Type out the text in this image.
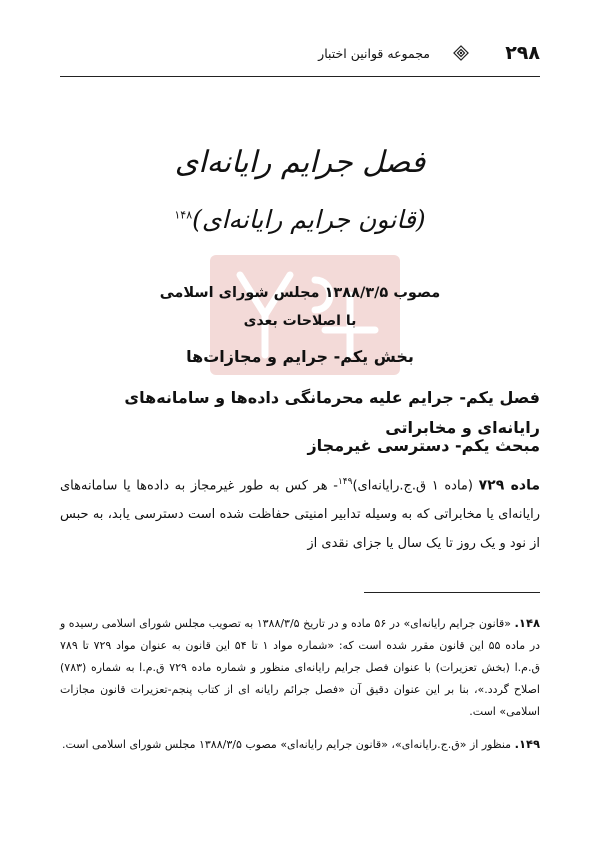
۲۹۸
مجموعه قوانین اختبار
فصل جرایم رایانه‌ای
(قانون جرایم رایانه‌ای)$^{۱۴۸}$
مصوب ۱۳۸۸/۳/۵ مجلس شورای اسلامی
با اصلاحات بعدی
بخش یکم- جرایم و مجازات‌ها
فصل یکم- جرایم علیه محرمانگی داده‌ها و سامانه‌های رایانه‌ای و مخابراتی
مبحث یکم- دسترسی غیرمجاز
ماده ۷۲۹ (ماده ۱ ق.ج.رایانه‌ای)$^{۱۴۹}$- هر کس به طور غیرمجاز به داده‌ها یا سامانه‌های رایانه‌ای یا مخابراتی که به وسیله تدابیر امنیتی حفاظت شده است دسترسی یابد، به حبس از نود و یک روز تا یک سال یا جزای نقدی از
۱۴۸. «قانون جرایم رایانه‌ای» در ۵۶ ماده و در تاریخ ۱۳۸۸/۳/۵ به تصویب مجلس شورای اسلامی رسیده و در ماده ۵۵ این قانون مقرر شده است که: «شماره مواد ۱ تا ۵۴ این قانون به عنوان مواد ۷۲۹ تا ۷۸۹ ق.م.ا (بخش تعزیرات) با عنوان فصل جرایم رایانه‌ای منظور و شماره ماده ۷۲۹ ق.م.ا به شماره (۷۸۳) اصلاح گردد.»، بنا بر این عنوان دقیق آن «فصل جرائم رایانه ای از کتاب پنجم-تعزیرات قانون مجازات اسلامی» است.
۱۴۹. منظور از «ق.ج.رایانه‌ای»، «قانون جرایم رایانه‌ای» مصوب ۱۳۸۸/۳/۵ مجلس شورای اسلامی است.
